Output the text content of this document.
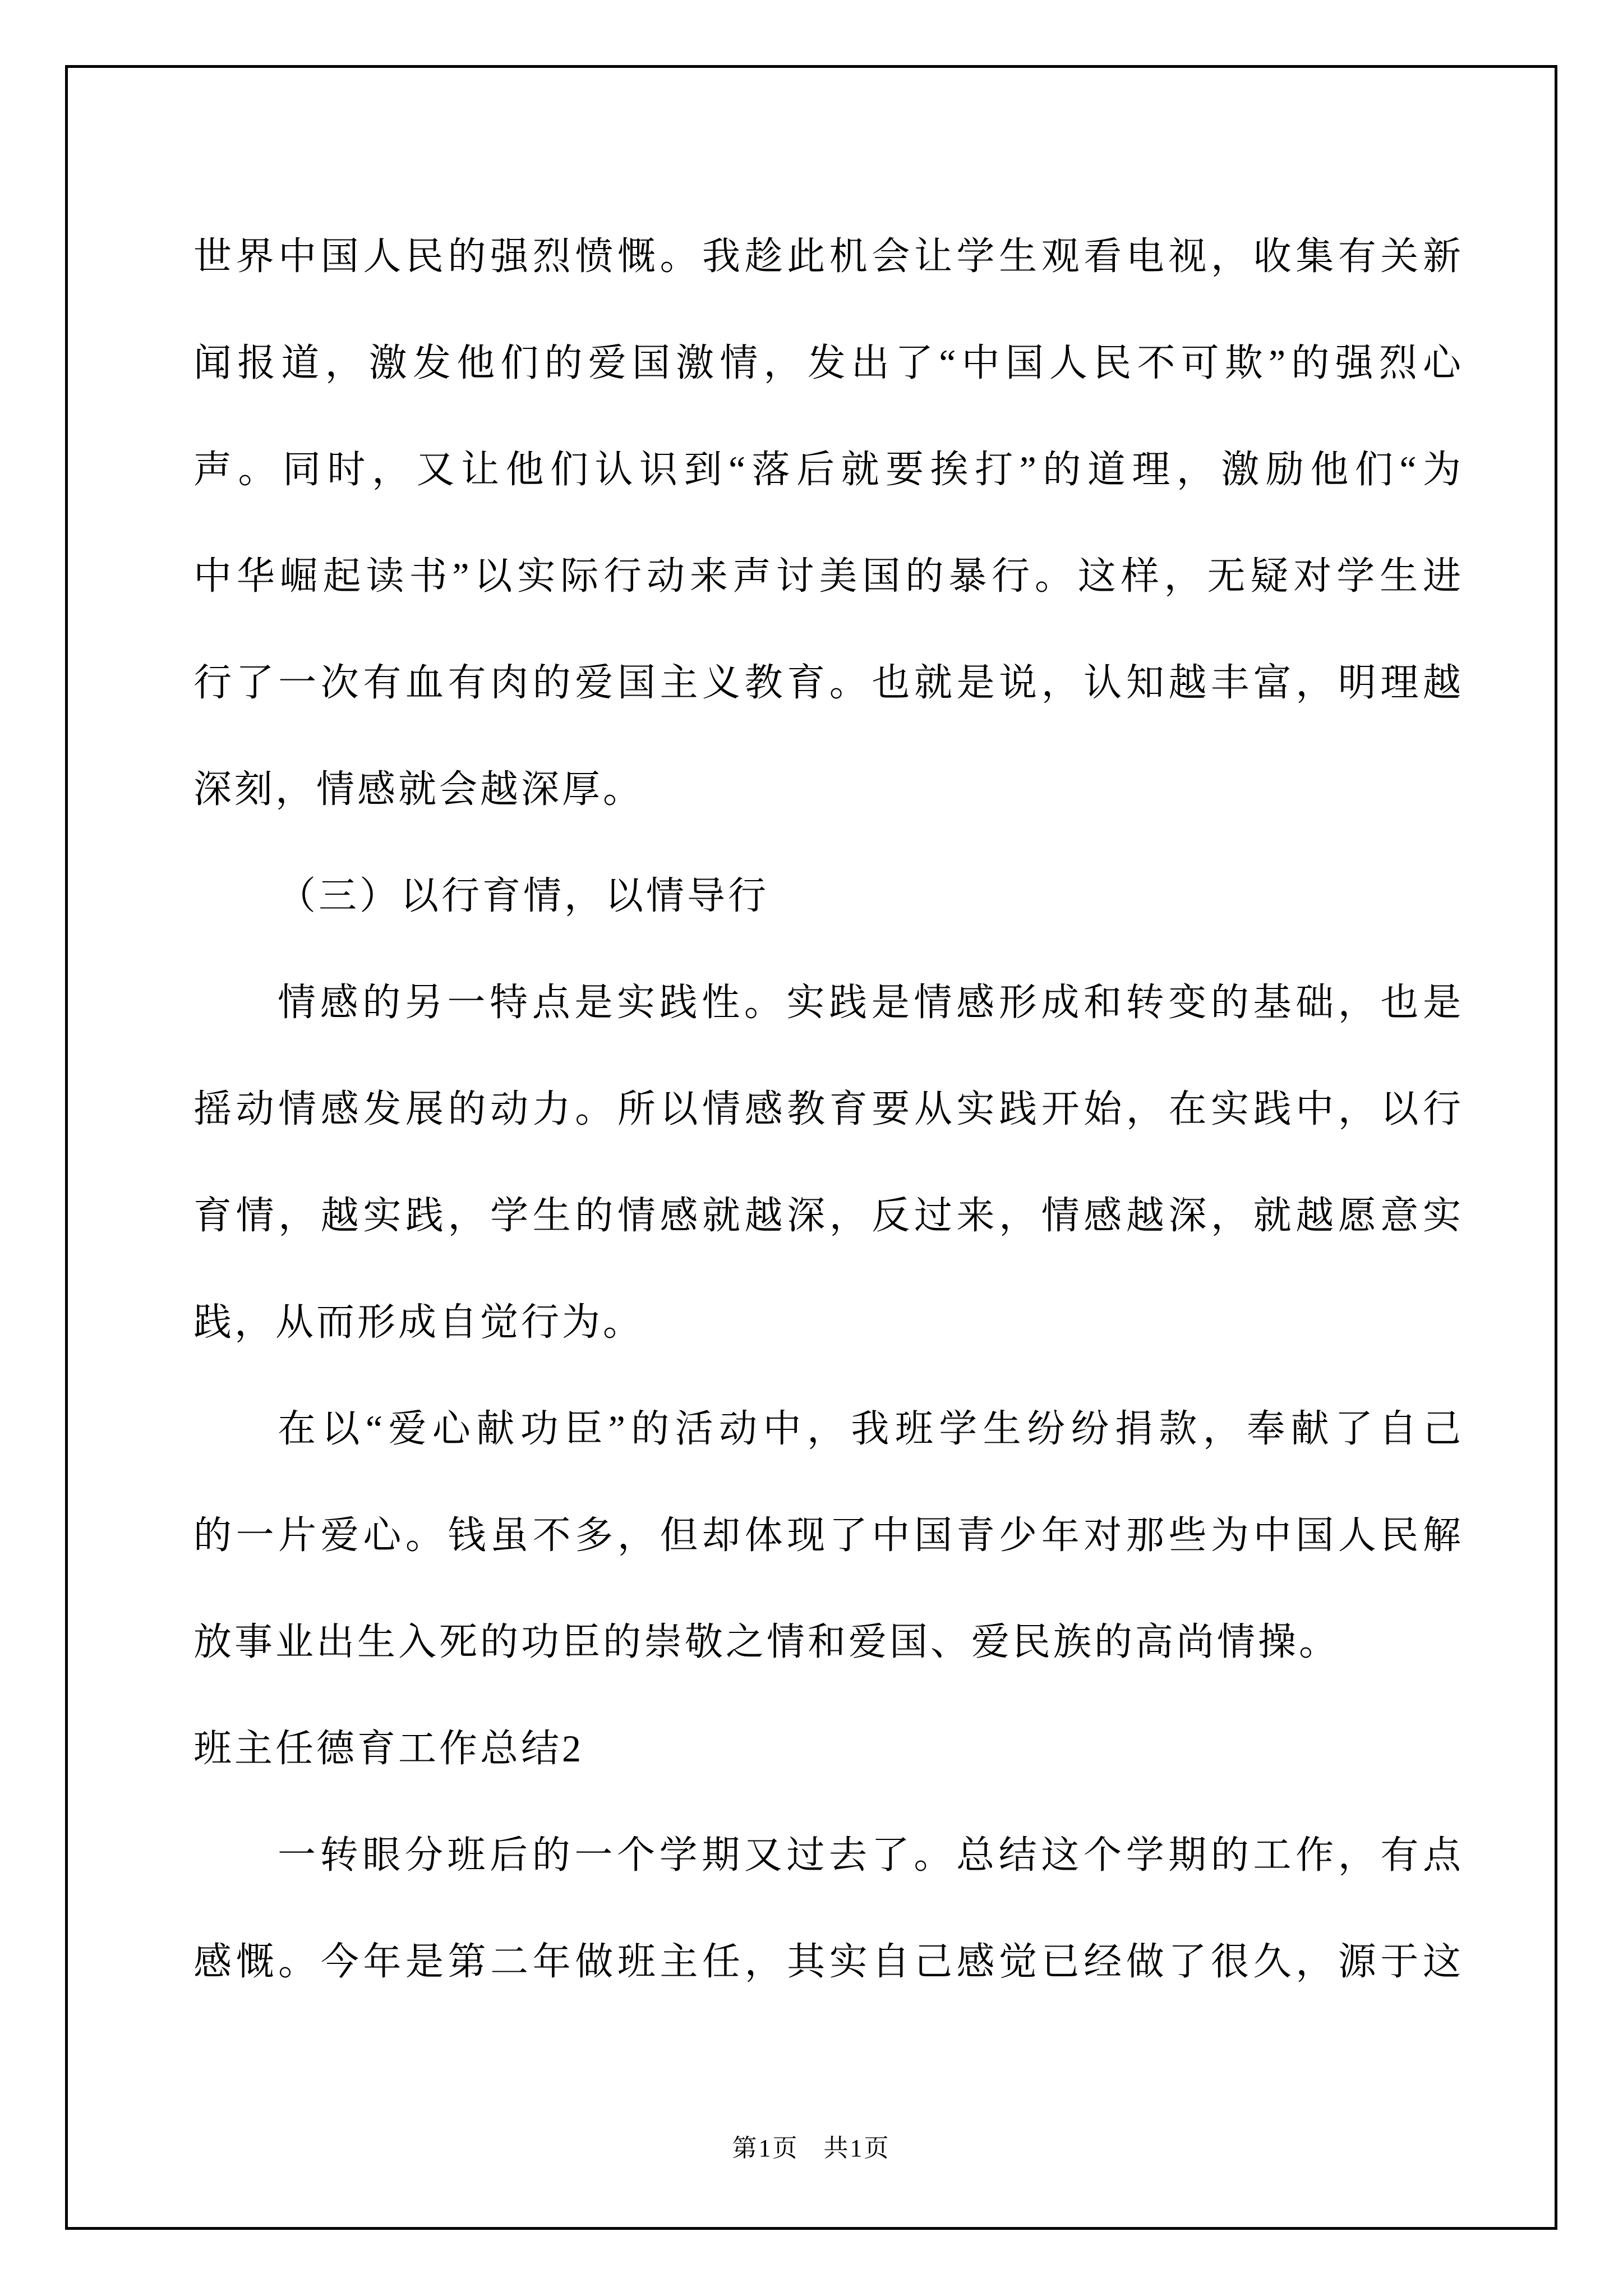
世界中国人民的强烈愤慨。我趁此机会让学生观看电视，收集有关新
闻报道，激发他们的爱国激情，发出了“中国人民不可欺”的强烈心
声。同时，又让他们认识到“落后就要挨打”的道理，激励他们“为
中华崛起读书”以实际行动来声讨美国的暴行。这样，无疑对学生进
行了一次有血有肉的爱国主义教育。也就是说，认知越丰富，明理越
深刻，情感就会越深厚。
（三）以行育情，以情导行
情感的另一特点是实践性。实践是情感形成和转变的基础，也是
摇动情感发展的动力。所以情感教育要从实践开始，在实践中，以行
育情，越实践，学生的情感就越深，反过来，情感越深，就越愿意实
践，从而形成自觉行为。
在以“爱心献功臣”的活动中，我班学生纷纷捐款，奉献了自己
的一片爱心。钱虽不多，但却体现了中国青少年对那些为中国人民解
放事业出生入死的功臣的崇敬之情和爱国、爱民族的高尚情操。
班主任德育工作总结2
一转眼分班后的一个学期又过去了。总结这个学期的工作，有点
感慨。今年是第二年做班主任，其实自己感觉已经做了很久，源于这
第1页 共1页
